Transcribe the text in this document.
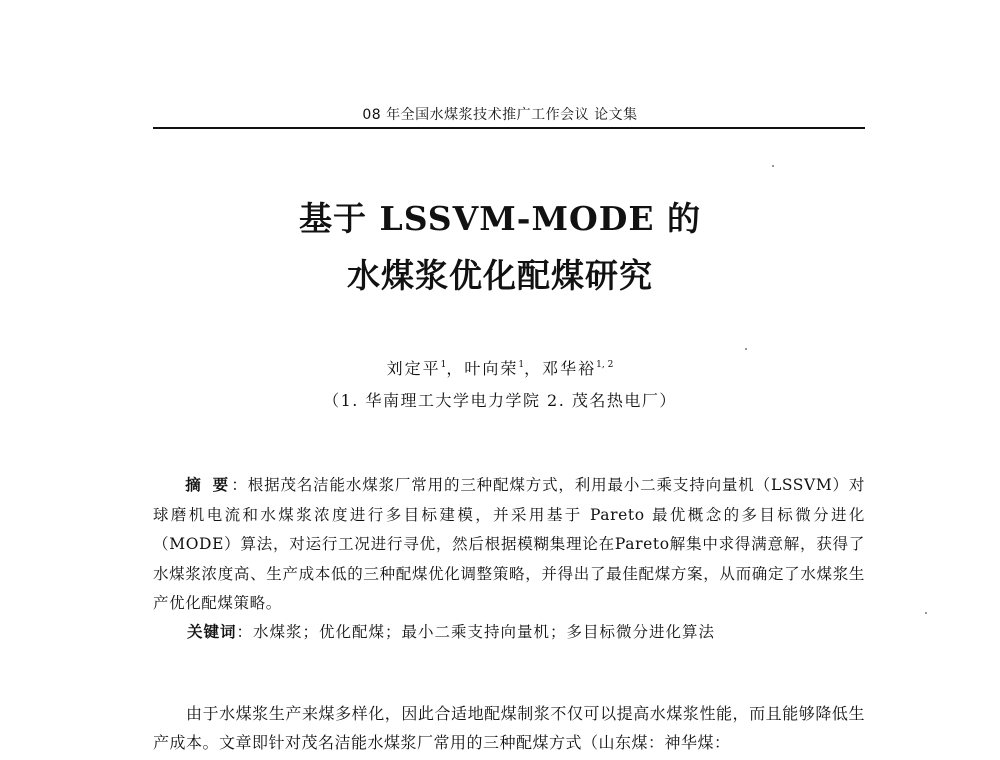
08 年全国水煤浆技术推广工作会议 论文集
基于 LSSVM-MODE 的
水煤浆优化配煤研究
刘定平$^1$，叶向荣$^1$，邓华裕$^{1, 2}$
（1. 华南理工大学电力学院 2. 茂名热电厂）
摘 要：根据茂名洁能水煤浆厂常用的三种配煤方式，利用最小二乘支持向量机（LSSVM）对球磨机电流和水煤浆浓度进行多目标建模，并采用基于 Pareto 最优概念的多目标微分进化（MODE）算法，对运行工况进行寻优，然后根据模糊集理论在Pareto解集中求得满意解，获得了水煤浆浓度高、生产成本低的三种配煤优化调整策略，并得出了最佳配煤方案，从而确定了水煤浆生产优化配煤策略。
关键词：水煤浆；优化配煤；最小二乘支持向量机；多目标微分进化算法
由于水煤浆生产来煤多样化，因此合适地配煤制浆不仅可以提高水煤浆性能，而且能够降低生产成本。文章即针对茂名洁能水煤浆厂常用的三种配煤方式（山东煤：神华煤：
